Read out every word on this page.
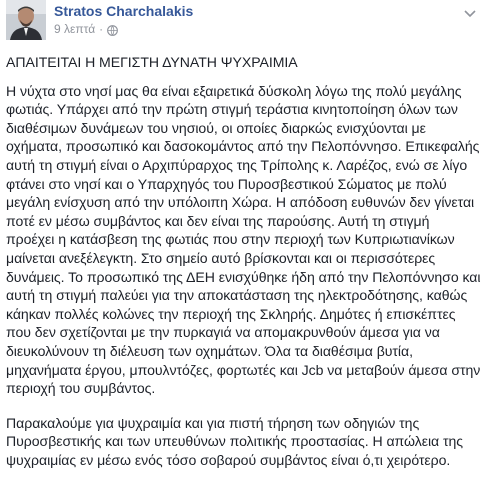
Stratos Charchalakis
9 λεπτά ·

ΑΠΑΙΤΕΙΤΑΙ Η ΜΕΓΙΣΤΗ ΔΥΝΑΤΗ ΨΥΧΡΑΙΜΙΑ

Η νύχτα στο νησί μας θα είναι εξαιρετικά δύσκολη λόγω της πολύ μεγάλης φωτιάς. Υπάρχει από την πρώτη στιγμή τεράστια κινητοποίηση όλων των διαθέσιμων δυνάμεων του νησιού, οι οποίες διαρκώς ενισχύονται με οχήματα, προσωπικό και δασοκομάντος από την Πελοπόννησο. Επικεφαλής αυτή τη στιγμή είναι ο Αρχιπύραρχος της Τρίπολης κ. Λαρέζος, ενώ σε λίγο φτάνει στο νησί και ο Υπαρχηγός του Πυροσβεστικού Σώματος με πολύ μεγάλη ενίσχυση από την υπόλοιπη Χώρα. Η απόδοση ευθυνών δεν γίνεται ποτέ εν μέσω συμβάντος και δεν είναι της παρούσης. Αυτή τη στιγμή προέχει η κατάσβεση της φωτιάς που στην περιοχή των Κυπριωτιανίκων μαίνεται ανεξέλεγκτη. Στο σημείο αυτό βρίσκονται και οι περισσότερες δυνάμεις. Το προσωπικό της ΔΕΗ ενισχύθηκε ήδη από την Πελοπόννησο και αυτή τη στιγμή παλεύει για την αποκατάσταση της ηλεκτροδότησης, καθώς κάηκαν πολλές κολώνες την περιοχή της Σκληρής. Δημότες ή επισκέπτες που δεν σχετίζονται με την πυρκαγιά να απομακρυνθούν άμεσα για να διευκολύνουν τη διέλευση των οχημάτων. Όλα τα διαθέσιμα βυτία, μηχανήματα έργου, μπουλντόζες, φορτωτές και Jcb να μεταβούν άμεσα στην περιοχή του συμβάντος.

Παρακαλούμε για ψυχραιμία και για πιστή τήρηση των οδηγιών της Πυροσβεστικής και των υπευθύνων πολιτικής προστασίας. Η απώλεια της ψυχραιμίας εν μέσω ενός τόσο σοβαρού συμβάντος είναι ό,τι χειρότερο.
